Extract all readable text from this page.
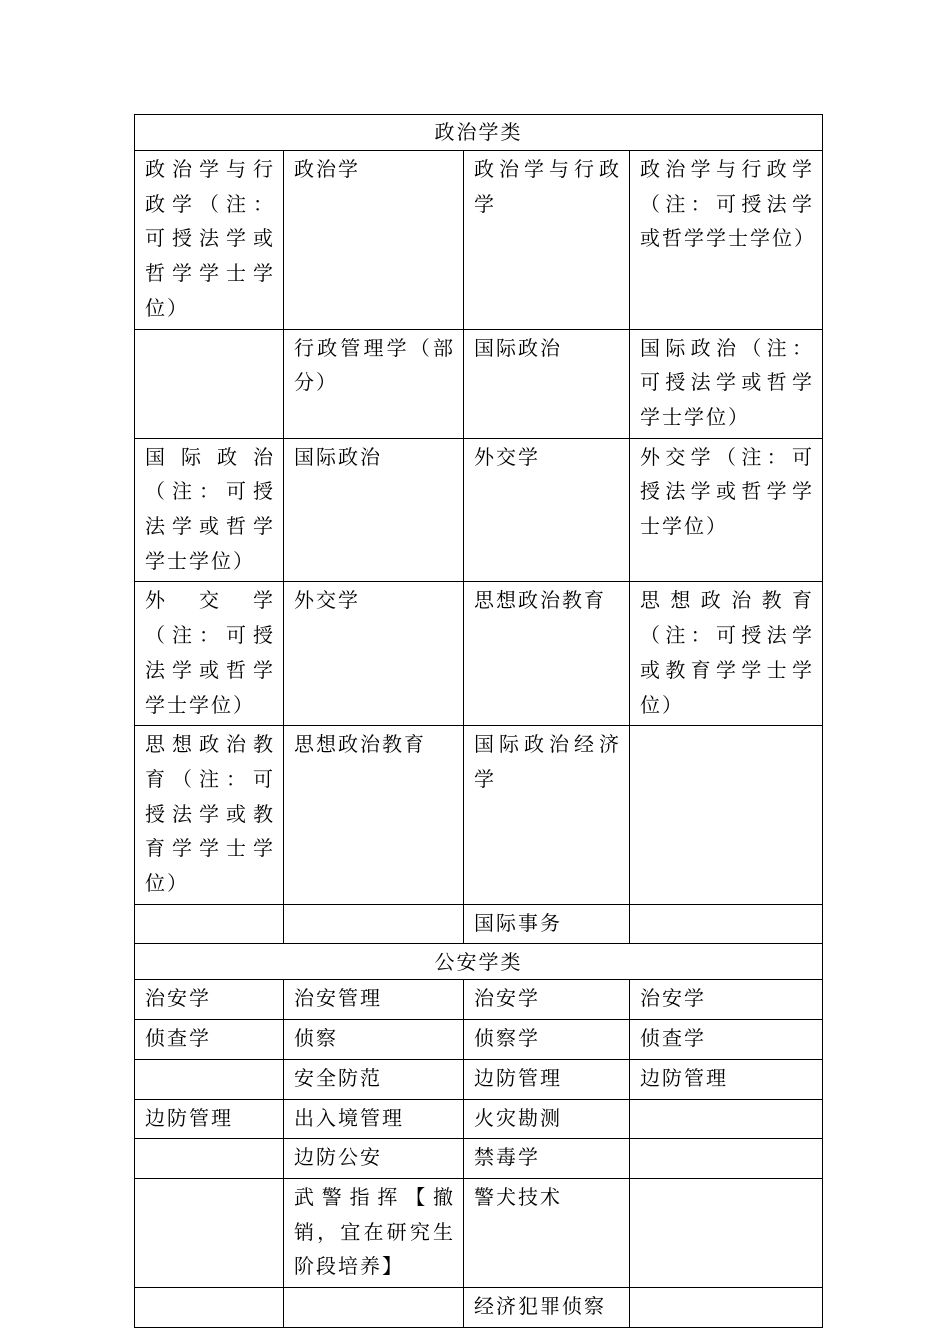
政治学类			
政治学与行政学（注：可授法学或哲学学士学位）	政治学	政治学与行政学	政治学与行政学（注：可授法学或哲学学士学位）
	行政管理学（部分）	国际政治	国际政治（注：可授法学或哲学学士学位）
国际政治（注：可授法学或哲学学士学位）	国际政治	外交学	外交学（注：可授法学或哲学学士学位）
外交学（注：可授法学或哲学学士学位）	外交学	思想政治教育	思想政治教育（注：可授法学或教育学学士学位）
思想政治教育（注：可授法学或教育学学士学位）	思想政治教育	国际政治经济学	
		国际事务	
公安学类			
治安学	治安管理	治安学	治安学
侦查学	侦察	侦察学	侦查学
	安全防范	边防管理	边防管理
边防管理	出入境管理	火灾勘测	
	边防公安	禁毒学	
	武警指挥【撤销，宜在研究生阶段培养】	警犬技术	
		经济犯罪侦察	
